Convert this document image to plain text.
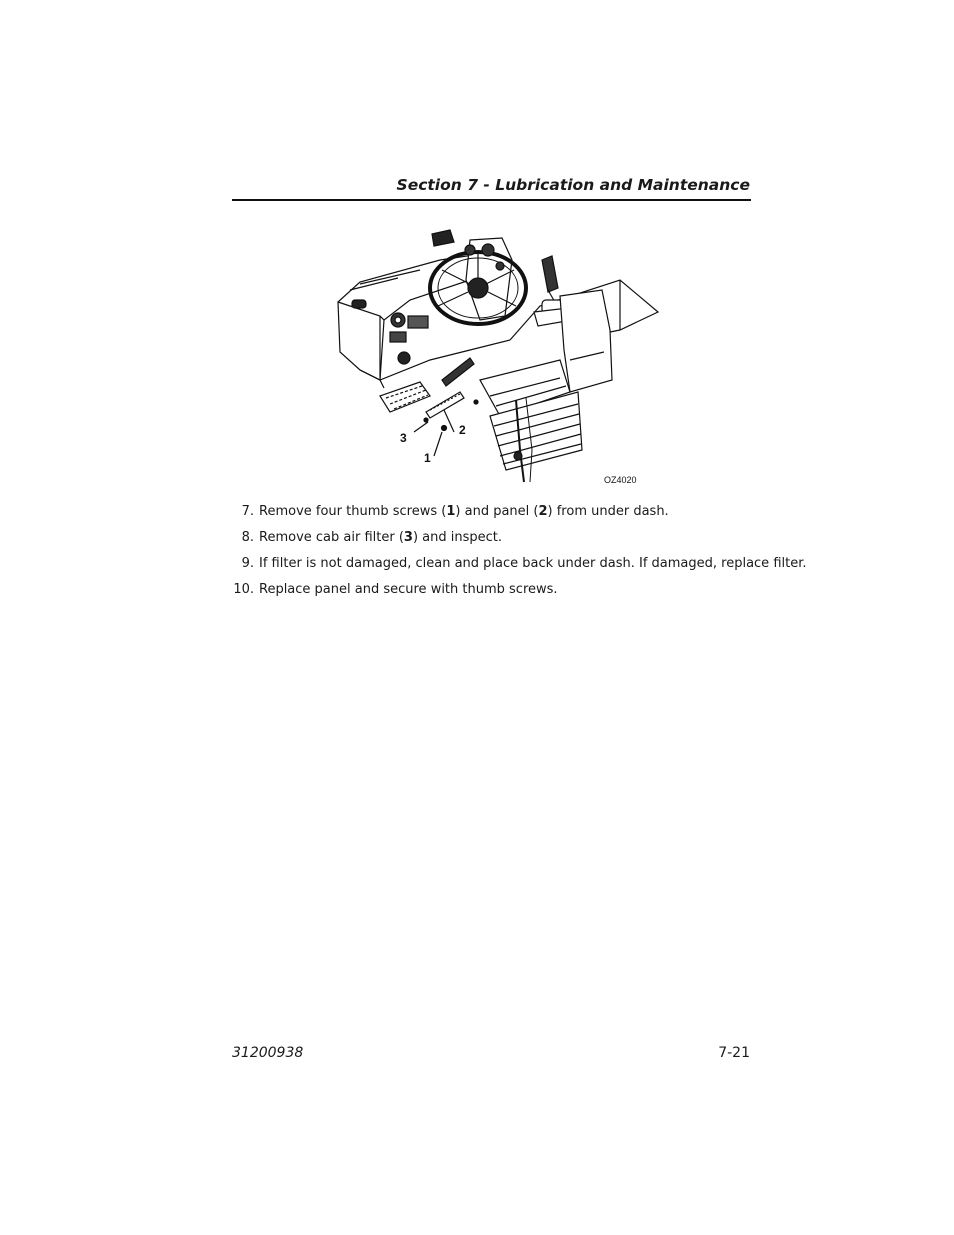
Section 7 - Lubrication and Maintenance
3
2
1
OZ4020
7. Remove four thumb screws (1) and panel (2) from under dash.
8. Remove cab air filter (3) and inspect.
9. If filter is not damaged, clean and place back under dash. If damaged, replace filter.
10. Replace panel and secure with thumb screws.
31200938	7-21
